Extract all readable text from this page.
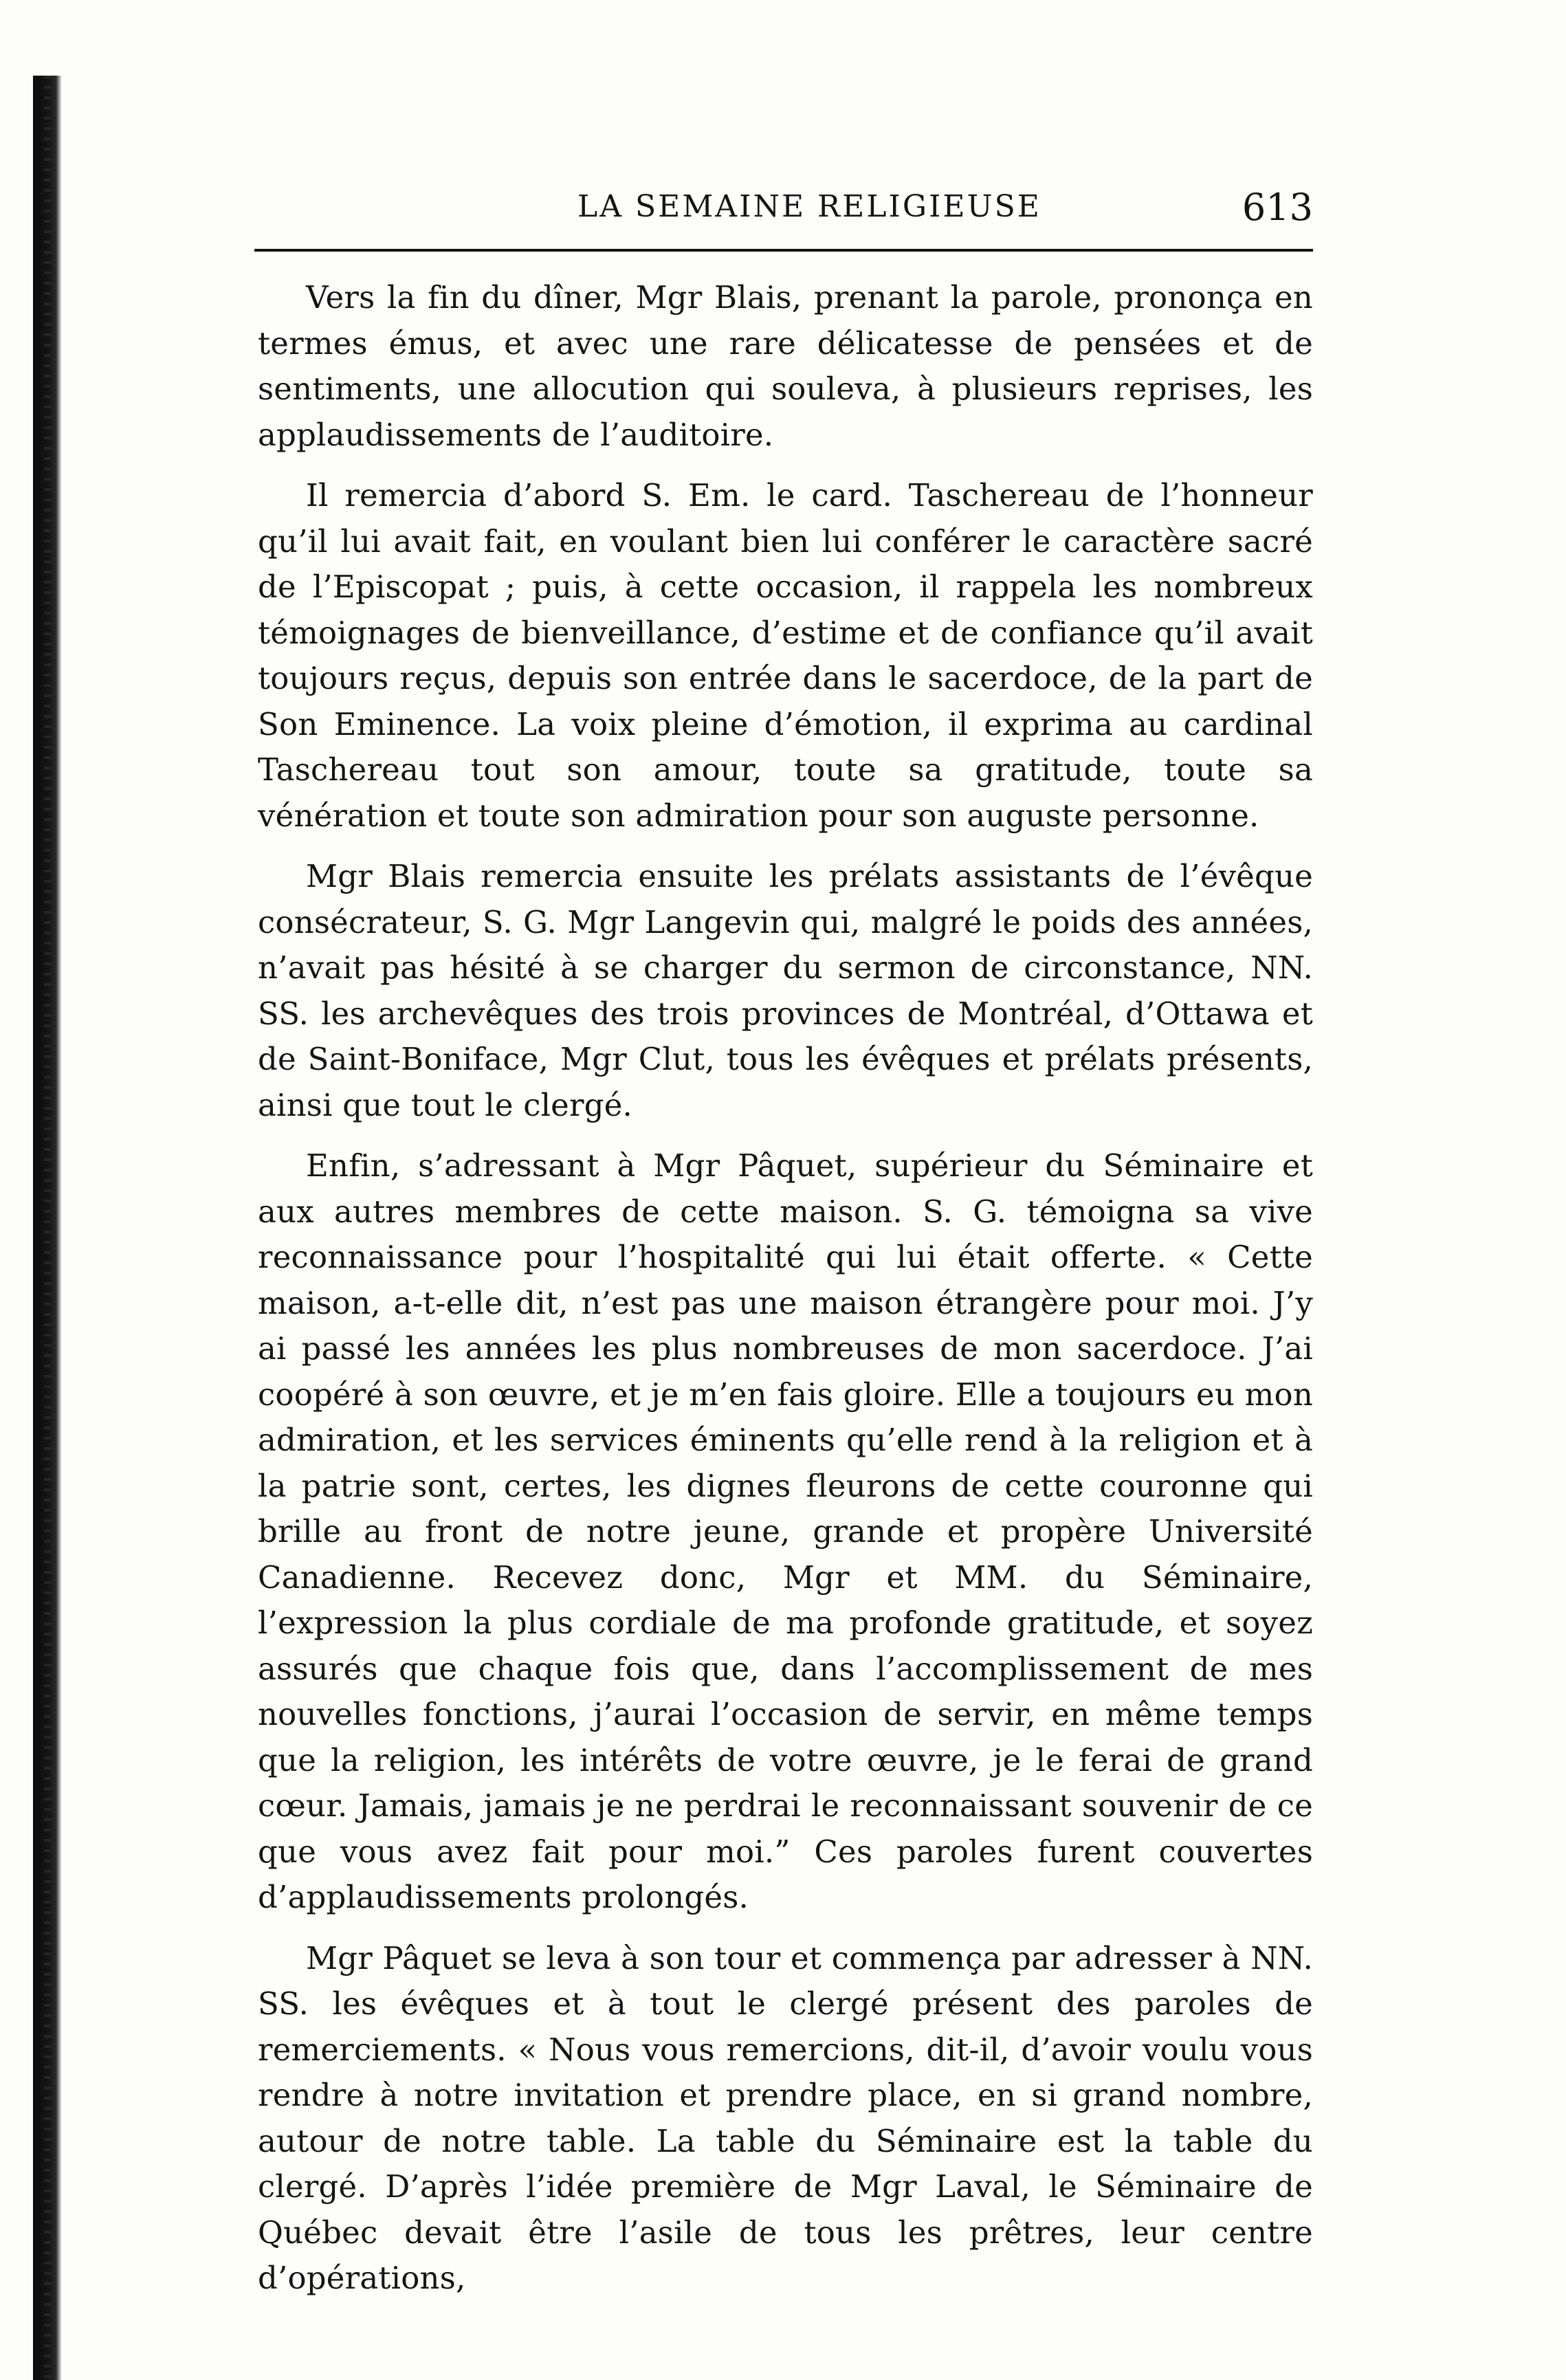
LA SEMAINE RELIGIEUSE	613

Vers la fin du dîner, Mgr Blais, prenant la parole, prononça en termes émus, et avec une rare délicatesse de pensées et de sentiments, une allocution qui souleva, à plusieurs reprises, les applaudissements de l’auditoire.

Il remercia d’abord S. Em. le card. Taschereau de l’honneur qu’il lui avait fait, en voulant bien lui conférer le caractère sacré de l’Episcopat ; puis, à cette occasion, il rappela les nombreux témoignages de bienveillance, d’estime et de confiance qu’il avait toujours reçus, depuis son entrée dans le sacerdoce, de la part de Son Eminence. La voix pleine d’émotion, il exprima au cardinal Taschereau tout son amour, toute sa gratitude, toute sa vénération et toute son admiration pour son auguste personne.

Mgr Blais remercia ensuite les prélats assistants de l’évêque consécrateur, S. G. Mgr Langevin qui, malgré le poids des années, n’avait pas hésité à se charger du sermon de circonstance, NN. SS. les archevêques des trois provinces de Montréal, d’Ottawa et de Saint-Boniface, Mgr Clut, tous les évêques et prélats présents, ainsi que tout le clergé.

Enfin, s’adressant à Mgr Pâquet, supérieur du Séminaire et aux autres membres de cette maison. S. G. témoigna sa vive reconnaissance pour l’hospitalité qui lui était offerte. « Cette maison, a-t-elle dit, n’est pas une maison étrangère pour moi. J’y ai passé les années les plus nombreuses de mon sacerdoce. J’ai coopéré à son œuvre, et je m’en fais gloire. Elle a toujours eu mon admiration, et les services éminents qu’elle rend à la religion et à la patrie sont, certes, les dignes fleurons de cette couronne qui brille au front de notre jeune, grande et propère Université Canadienne. Recevez donc, Mgr et MM. du Séminaire, l’expression la plus cordiale de ma profonde gratitude, et soyez assurés que chaque fois que, dans l’accomplissement de mes nouvelles fonctions, j’aurai l’occasion de servir, en même temps que la religion, les intérêts de votre œuvre, je le ferai de grand cœur. Jamais, jamais je ne perdrai le reconnaissant souvenir de ce que vous avez fait pour moi.” Ces paroles furent couvertes d’applaudissements prolongés.

Mgr Pâquet se leva à son tour et commença par adresser à NN. SS. les évêques et à tout le clergé présent des paroles de remerciements. « Nous vous remercions, dit-il, d’avoir voulu vous rendre à notre invitation et prendre place, en si grand nombre, autour de notre table. La table du Séminaire est la table du clergé. D’après l’idée première de Mgr Laval, le Séminaire de Québec devait être l’asile de tous les prêtres, leur centre d’opérations,
